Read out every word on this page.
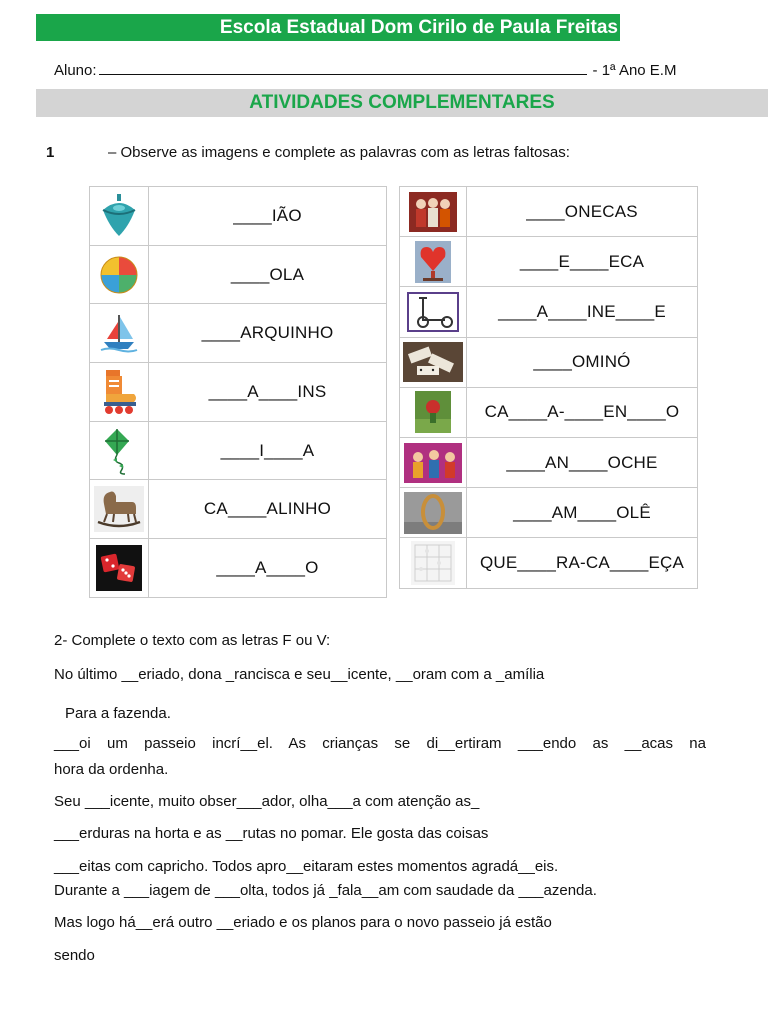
Escola Estadual Dom Cirilo de Paula Freitas
Aluno:	- 1ª Ano E.M
ATIVIDADES COMPLEMENTARES
1	– Observe as imagens e complete as palavras com as letras faltosas:
	____IÃO
	____OLA
	____ARQUINHO
	____A____INS
	____I____A
	CA____ALINHO
	____A____O
	____ONECAS
	____E____ECA
	____A____INE____E
	____OMINÓ
	CA____A-____EN____O
	____AN____OCHE
	____AM____OLÊ
	QUE____RA-CA____EÇA
2- Complete o texto com as letras F ou V:
No último __eriado, dona _rancisca e seu__icente, __oram com a _amília
Para a fazenda.
___oi um passeio incrí__el. As crianças se di__ertiram ___endo as __acas na
hora da ordenha.
Seu ___icente, muito obser___ador, olha___a com atenção as_
___erduras na horta e as __rutas no pomar. Ele gosta das coisas
___eitas com capricho. Todos apro__eitaram estes momentos agradá__eis.
Durante a ___iagem de ___olta, todos já _fala__am com saudade da ___azenda.
Mas logo há__erá outro __eriado e os planos para o novo passeio já estão
sendo
